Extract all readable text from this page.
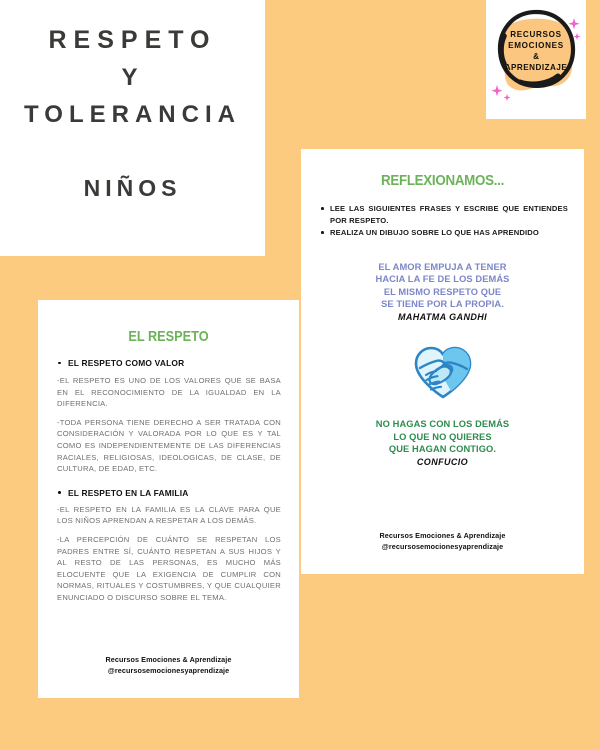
RESPETO
Y
TOLERANCIA
NIÑOS
RECURSOS
EMOCIONES
&
APRENDIZAJE
REFLEXIONAMOS...
LEE LAS SIGUIENTES FRASES Y ESCRIBE QUE ENTIENDES POR RESPETO.
REALIZA UN DIBUJO SOBRE LO QUE HAS APRENDIDO
EL AMOR EMPUJA A TENER
HACIA LA FE DE LOS DEMÁS
EL MISMO RESPETO QUE
SE TIENE POR LA PROPIA.
MAHATMA GANDHI
NO HAGAS CON LOS DEMÁS
LO QUE NO QUIERES
QUE HAGAN CONTIGO.
CONFUCIO
Recursos Emociones & Aprendizaje
@recursosemocionesyaprendizaje
EL RESPETO
EL RESPETO COMO VALOR
-EL RESPETO ES UNO DE LOS VALORES QUE SE BASA EN EL RECONOCIMIENTO DE LA IGUALDAD EN LA DIFERENCIA.
-TODA PERSONA TIENE DERECHO A SER TRATADA CON CONSIDERACIÓN Y VALORADA POR LO QUE ES Y TAL COMO ES INDEPENDIENTEMENTE DE LAS DIFERENCIAS RACIALES, RELIGIOSAS, IDEOLOGICAS, DE CLASE, DE CULTURA, DE EDAD, ETC.
EL RESPETO EN LA FAMILIA
-EL RESPETO EN LA FAMILIA ES LA CLAVE PARA QUE LOS NIÑOS APRENDAN A RESPETAR A LOS DEMÁS.
-LA PERCEPCIÓN DE CUÁNTO SE RESPETAN LOS PADRES ENTRE SÍ, CUÁNTO RESPETAN A SUS HIJOS Y AL RESTO DE LAS PERSONAS, ES MUCHO MÁS ELOCUENTE QUE LA EXIGENCIA DE CUMPLIR CON NORMAS, RITUALES Y COSTUMBRES, Y QUE CUALQUIER ENUNCIADO O DISCURSO SOBRE EL TEMA.
Recursos Emociones & Aprendizaje
@recursosemocionesyaprendizaje
